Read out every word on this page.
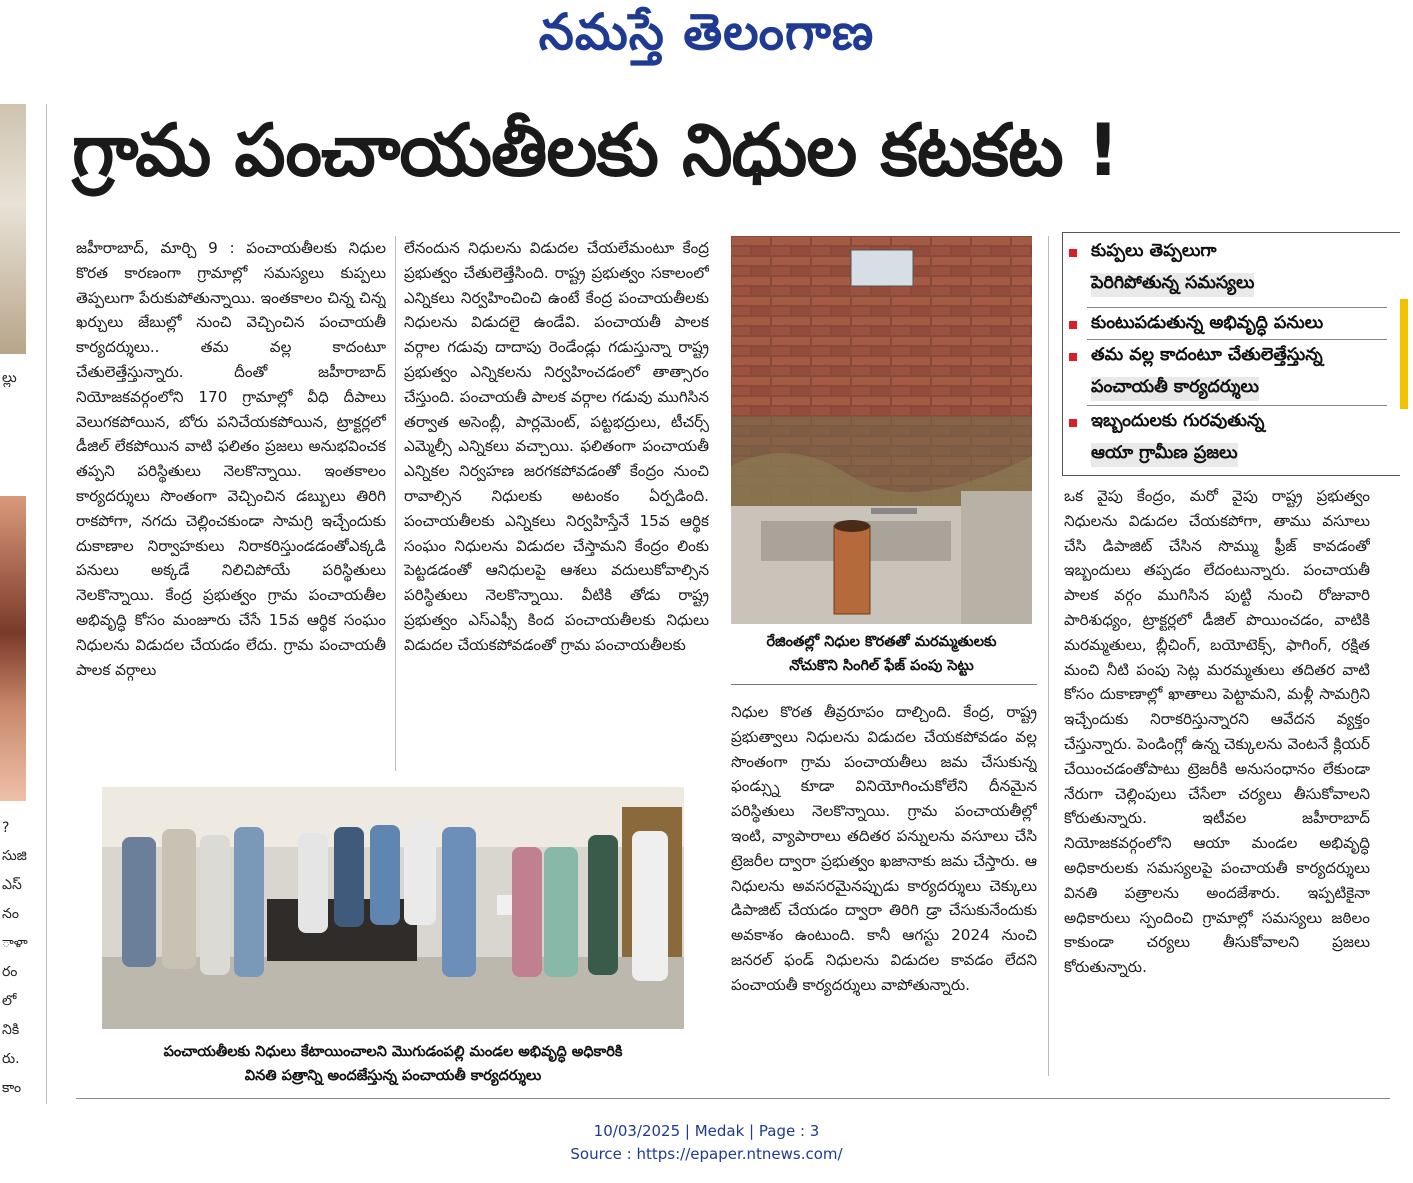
నమస్తే తెలంగాణ
ల్లు
?
సుజి
ఎస్
నం
ాళా
రం
లో
నికి
రు.
కాం
గ్రామ పంచాయతీలకు నిధుల కటకట !

జహీరాబాద్, మార్చి 9 : పంచాయతీలకు నిధుల కొరత కారణంగా గ్రామాల్లో సమస్యలు కుప్పలు తెప్పలుగా పేరుకుపోతున్నాయి. ఇంతకాలం చిన్న చిన్న ఖర్చులు జేబుల్లో నుంచి వెచ్చించిన పంచాయతీ కార్యదర్శులు.. తమ వల్ల కాదంటూ చేతులెత్తేస్తున్నారు. దీంతో జహీరాబాద్ నియోజకవర్గంలోని 170 గ్రామాల్లో వీధి దీపాలు వెలుగకపోయిన, బోరు పనిచేయకపోయిన, ట్రాక్టర్లలో డీజిల్ లేకపోయిన వాటి ఫలితం ప్రజలు అనుభవించక తప్పని పరిస్థితులు నెలకొన్నాయి. ఇంతకాలం కార్యదర్శులు సొంతంగా వెచ్చించిన డబ్బులు తిరిగి రాకపోగా, నగదు చెల్లించకుండా సామగ్రి ఇచ్చేందుకు దుకాణాల నిర్వాహకులు నిరాకరిస్తుండడంతోఎక్కడి పనులు అక్కడే నిలిచిపోయే పరిస్థితులు నెలకొన్నాయి. కేంద్ర ప్రభుత్వం గ్రామ పంచాయతీల అభివృద్ధి కోసం మంజూరు చేసే 15వ ఆర్థిక సంఘం నిధులను విడుదల చేయడం లేదు. గ్రామ పంచాయతీ పాలక వర్గాలు

లేనందున నిధులను విడుదల చేయలేమంటూ కేంద్ర ప్రభుత్వం చేతులెత్తేసింది. రాష్ట్ర ప్రభుత్వం సకాలంలో ఎన్నికలు నిర్వహించించి ఉంటే కేంద్ర పంచాయతీలకు నిధులను విడుదలై ఉండేవి. పంచాయతీ పాలక వర్గాల గడువు దాదాపు రెండేండ్లు గడుస్తున్నా రాష్ట్ర ప్రభుత్వం ఎన్నికలను నిర్వహించడంలో తాత్సారం చేస్తుంది. పంచాయతీ పాలక వర్గాల గడువు ముగిసిన తర్వాత అసెంబ్లీ, పార్లమెంట్, పట్టభద్రులు, టీచర్స్ ఎమ్మెల్సీ ఎన్నికలు వచ్చాయి. ఫలితంగా పంచాయతీ ఎన్నికల నిర్వహణ జరగకపోవడంతో కేంద్రం నుంచి రావాల్సిన నిధులకు అటంకం ఏర్పడింది. పంచాయతీలకు ఎన్నికలు నిర్వహిస్తేనే 15వ ఆర్థిక సంఘం నిధులను విడుదల చేస్తామని కేంద్రం లింకు పెట్టడడంతో ఆనిధులపై ఆశలు వదులుకోవాల్సిన పరిస్థితులు నెలకొన్నాయి. వీటికి తోడు రాష్ట్ర ప్రభుత్వం ఎస్ఎఫ్సీ కింద పంచాయతీలకు నిధులు విడుదల చేయకపోవడంతో గ్రామ పంచాయతీలకు	రేజింతల్లో నిధుల కొరతతో మరమ్మతులకు
నోచుకొని సింగిల్ ఫేజ్ పంపు సెట్టు

నిధుల కొరత తీవ్రరూపం దాల్చింది. కేంద్ర, రాష్ట్ర ప్రభుత్వాలు నిధులను విడుదల చేయకపోవడం వల్ల సొంతంగా గ్రామ పంచాయతీలు జమ చేసుకున్న ఫండ్స్ను కూడా వినియోగించుకోలేని దీనమైన పరిస్థితులు నెలకొన్నాయి. గ్రామ పంచాయతీల్లో ఇంటి, వ్యాపారాలు తదితర పన్నులను వసూలు చేసి ట్రెజరీల ద్వారా ప్రభుత్వం ఖజానాకు జమ చేస్తారు. ఆ నిధులను అవసరమైనప్పుడు కార్యదర్శులు చెక్కులు డిపాజిట్ చేయడం ద్వారా తిరిగి డ్రా చేసుకునేందుకు అవకాశం ఉంటుంది. కానీ ఆగస్టు 2024 నుంచి జనరల్ ఫండ్ నిధులను విడుదల కావడం లేదని పంచాయతీ కార్యదర్శులు వాపోతున్నారు.

కుప్పలు తెప్పలుగా
పెరిగిపోతున్న సమస్యలు
కుంటుపడుతున్న అభివృద్ధి పనులు
తమ వల్ల కాదంటూ చేతులెత్తేస్తున్న
పంచాయతీ కార్యదర్శులు
ఇబ్బందులకు గురవుతున్న
ఆయా గ్రామీణ ప్రజలు

ఒక వైపు కేంద్రం, మరో వైపు రాష్ట్ర ప్రభుత్వం నిధులను విడుదల చేయకపోగా, తాము వసూలు చేసి డిపాజిట్ చేసిన సొమ్ము ఫ్రీజ్ కావడంతో ఇబ్బందులు తప్పడం లేదంటున్నారు. పంచాయతీ పాలక వర్గం ముగిసిన పుట్టి నుంచి రోజువారి పారిశుధ్యం, ట్రాక్టర్లలో డీజిల్ పొయించడం, వాటికి మరమ్మతులు, బ్లీచింగ్, బయోటెక్స్, ఫాగింగ్, రక్షిత మంచి నీటి పంపు సెట్ల మరమ్మతులు తదితర వాటి కోసం దుకాణాల్లో ఖాతాలు పెట్టామని, మళ్లీ సామగ్రిని ఇచ్చేందుకు నిరాకరిస్తున్నారని ఆవేదన వ్యక్తం చేస్తున్నారు. పెండింగ్లో ఉన్న చెక్కులను వెంటనే క్లియర్ చేయించడంతోపాటు ట్రెజరీకి అనుసంధానం లేకుండా నేరుగా చెల్లింపులు చేసేలా చర్యలు తీసుకోవాలని కోరుతున్నారు. ఇటీవల జహీరాబాద్ నియోజకవర్గంలోని ఆయా మండల అభివృద్ధి అధికారులకు సమస్యలపై పంచాయతీ కార్యదర్శులు వినతి పత్రాలను అందజేశారు. ఇప్పటికైనా అధికారులు స్పందించి గ్రామాల్లో సమస్యలు జఠిలం కాకుండా చర్యలు తీసుకోవాలని ప్రజలు కోరుతున్నారు.

పంచాయతీలకు నిధులు కేటాయించాలని మొగుడంపల్లి మండల అభివృద్ధి అధికారికి
వినతి పత్రాన్ని అందజేస్తున్న పంచాయతీ కార్యదర్శులు
10/03/2025 | Medak | Page : 3
Source : https://epaper.ntnews.com/
